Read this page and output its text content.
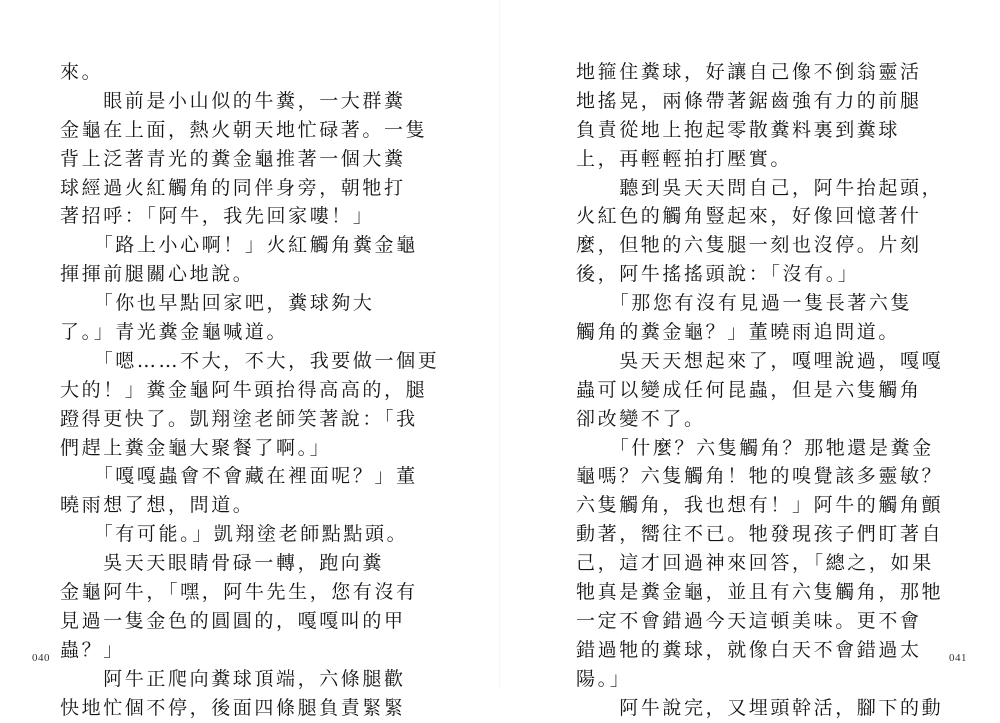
來。
　　眼前是小山似的牛糞，一大群糞
金龜在上面，熱火朝天地忙碌著。一隻
背上泛著青光的糞金龜推著一個大糞
球經過火紅觸角的同伴身旁，朝牠打
著招呼：「阿牛，我先回家嘍！」
　　「路上小心啊！」火紅觸角糞金龜
揮揮前腿關心地說。
　　「你也早點回家吧，糞球夠大
了。」青光糞金龜喊道。
　　「嗯……不大，不大，我要做一個更
大的！」糞金龜阿牛頭抬得高高的，腿
蹬得更快了。凱翔塗老師笑著說：「我
們趕上糞金龜大聚餐了啊。」
　　「嘎嘎蟲會不會藏在裡面呢？」董
曉雨想了想，問道。
　　「有可能。」凱翔塗老師點點頭。
　　吳天天眼睛骨碌一轉，跑向糞
金龜阿牛，「嘿，阿牛先生，您有沒有
見過一隻金色的圓圓的，嘎嘎叫的甲
蟲？」
　　阿牛正爬向糞球頂端，六條腿歡
快地忙個不停，後面四條腿負責緊緊
040
地箍住糞球，好讓自己像不倒翁靈活
地搖晃，兩條帶著鋸齒強有力的前腿
負責從地上抱起零散糞料裏到糞球
上，再輕輕拍打壓實。
　　聽到吳天天問自己，阿牛抬起頭，
火紅色的觸角豎起來，好像回憶著什
麼，但牠的六隻腿一刻也沒停。片刻
後，阿牛搖搖頭說：「沒有。」
　　「那您有沒有見過一隻長著六隻
觸角的糞金龜？」董曉雨追問道。
　　吳天天想起來了，嘎哩說過，嘎嘎
蟲可以變成任何昆蟲，但是六隻觸角
卻改變不了。
　　「什麼？六隻觸角？那牠還是糞金
龜嗎？六隻觸角！牠的嗅覺該多靈敏？
六隻觸角，我也想有！」阿牛的觸角顫
動著，嚮往不已。牠發現孩子們盯著自
己，這才回過神來回答，「總之，如果
牠真是糞金龜，並且有六隻觸角，那牠
一定不會錯過今天這頓美味。更不會
錯過牠的糞球，就像白天不會錯過太
陽。」
　　阿牛說完，又埋頭幹活，腳下的動
041
